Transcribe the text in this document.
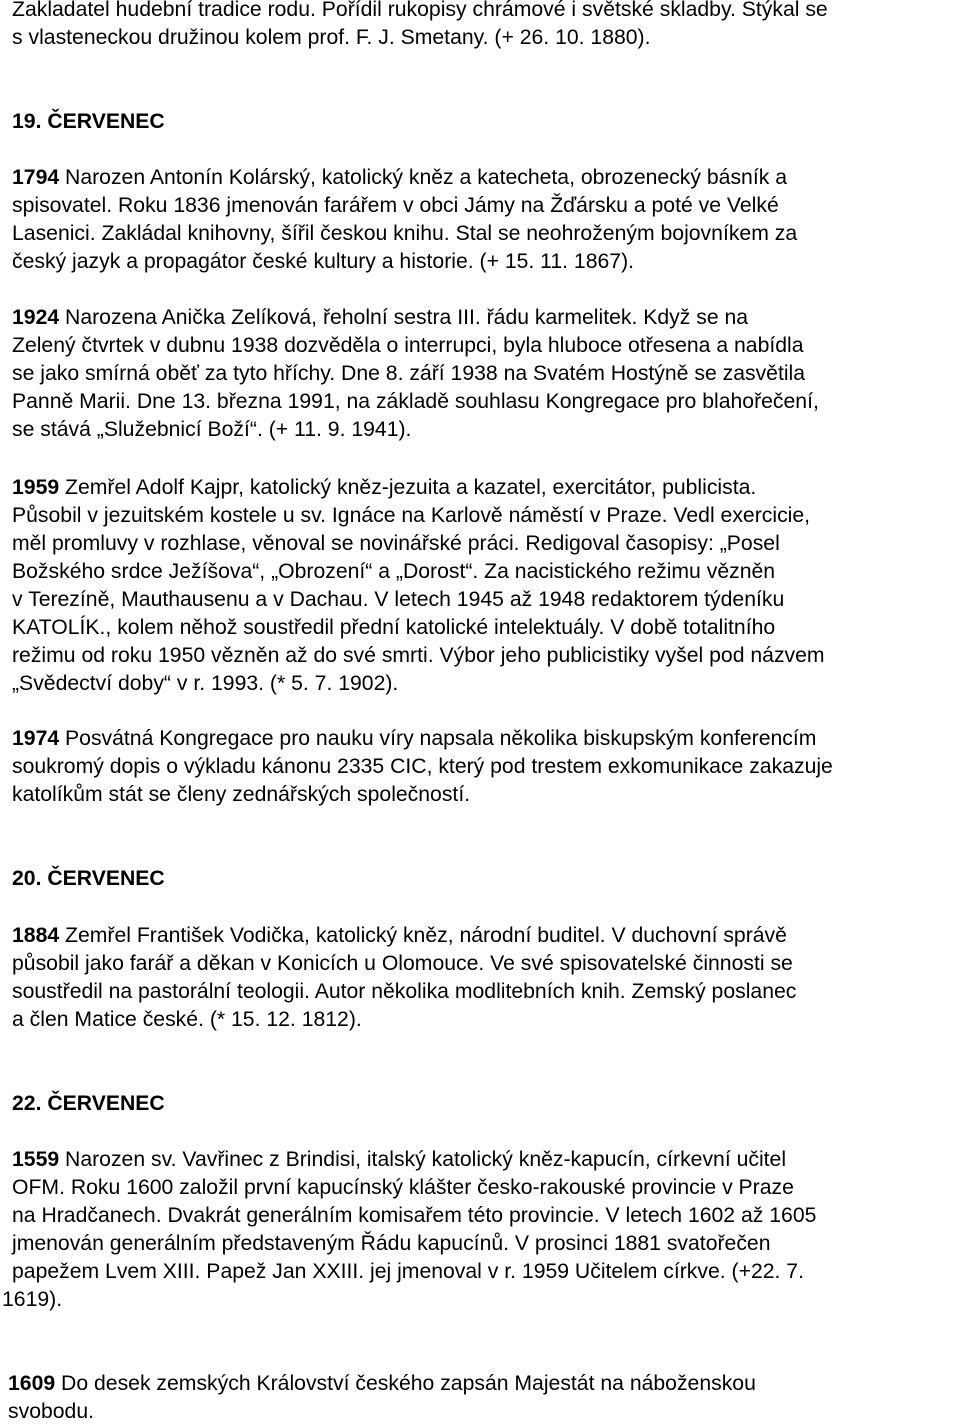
Zakladatel hudební tradice rodu. Pořídil rukopisy chrámové i světské skladby. Stýkal se
s vlasteneckou družinou kolem prof. F. J. Smetany. (+ 26. 10. 1880).
19. ČERVENEC
1794 Narozen Antonín Kolárský, katolický kněz a katecheta, obrozenecký básník a
spisovatel. Roku 1836 jmenován farářem v obci Jámy na Žďársku a poté ve Velké
Lasenici. Zakládal knihovny, šířil českou knihu. Stal se neohroženým bojovníkem za
český jazyk a propagátor české kultury a historie. (+ 15. 11. 1867).
1924 Narozena Anička Zelíková, řeholní sestra III. řádu karmelitek. Když se na
Zelený čtvrtek v dubnu 1938 dozvěděla o interrupci, byla hluboce otřesena a nabídla
se jako smírná oběť za tyto hříchy. Dne 8. září 1938 na Svatém Hostýně se zasvětila
Panně Marii. Dne 13. března 1991, na základě souhlasu Kongregace pro blahořečení,
se stává „Služebnicí Boží“. (+ 11. 9. 1941).
1959 Zemřel Adolf Kajpr, katolický kněz-jezuita a kazatel, exercitátor, publicista.
Působil v jezuitském kostele u sv. Ignáce na Karlově náměstí v Praze. Vedl exercicie,
měl promluvy v rozhlase, věnoval se novinářské práci. Redigoval časopisy: „Posel
Božského srdce Ježíšova“, „Obrození“ a „Dorost“. Za nacistického režimu vězněn
v Terezíně, Mauthausenu a v Dachau. V letech 1945 až 1948 redaktorem týdeníku
KATOLÍK., kolem něhož soustředil přední katolické intelektuály. V době totalitního
režimu od roku 1950 vězněn až do své smrti. Výbor jeho publicistiky vyšel pod názvem
„Svědectví doby“ v r. 1993. (* 5. 7. 1902).
1974 Posvátná Kongregace pro nauku víry napsala několika biskupským konferencím
soukromý dopis o výkladu kánonu 2335 CIC, který pod trestem exkomunikace zakazuje
katolíkům stát se členy zednářských společností.
20. ČERVENEC
1884 Zemřel František Vodička, katolický kněz, národní buditel. V duchovní správě
působil jako farář a děkan v Konicích u Olomouce. Ve své spisovatelské činnosti se
soustředil na pastorální teologii. Autor několika modlitebních knih. Zemský poslanec
a člen Matice české. (* 15. 12. 1812).
22. ČERVENEC
1559 Narozen sv. Vavřinec z Brindisi, italský katolický kněz-kapucín, církevní učitel
OFM. Roku 1600 založil první kapucínský klášter česko-rakouské provincie v Praze
na Hradčanech. Dvakrát generálním komisařem této provincie. V letech 1602 až 1605
jmenován generálním představeným Řádu kapucínů. V prosinci 1881 svatořečen
papežem Lvem XIII. Papež Jan XXIII. jej jmenoval v r. 1959 Učitelem církve. (+22. 7.
1619).
1609 Do desek zemských Království českého zapsán Majestát na náboženskou
svobodu.
